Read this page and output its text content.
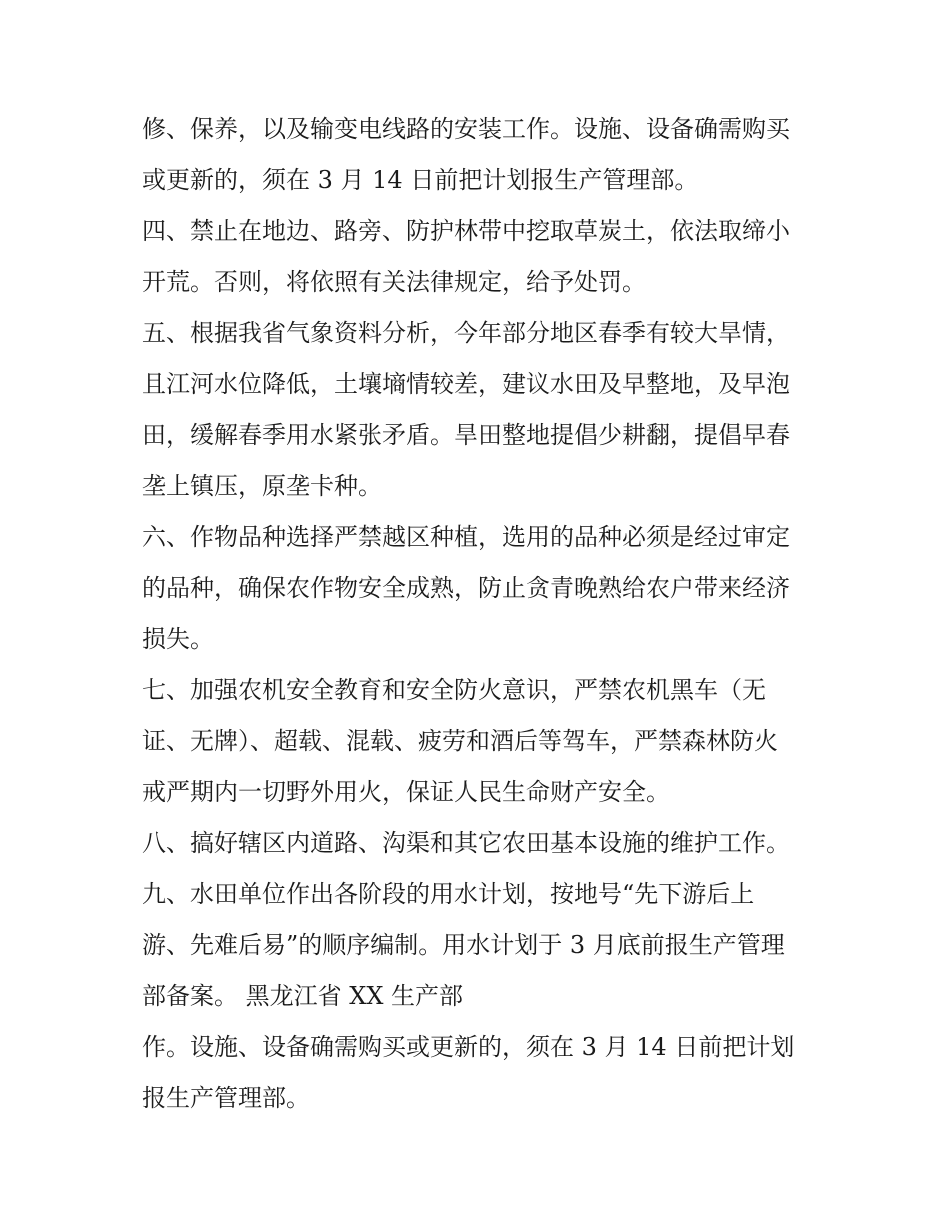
修、保养，以及输变电线路的安装工作。设施、设备确需购买
或更新的，须在 3 月 14 日前把计划报生产管理部。
四、禁止在地边、路旁、防护林带中挖取草炭土，依法取缔小
开荒。否则，将依照有关法律规定，给予处罚。
五、根据我省气象资料分析，今年部分地区春季有较大旱情，
且江河水位降低，土壤墒情较差，建议水田及早整地，及早泡
田，缓解春季用水紧张矛盾。旱田整地提倡少耕翻，提倡早春
垄上镇压，原垄卡种。
六、作物品种选择严禁越区种植，选用的品种必须是经过审定
的品种，确保农作物安全成熟，防止贪青晚熟给农户带来经济
损失。
七、加强农机安全教育和安全防火意识，严禁农机黑车（无
证、无牌）、超载、混载、疲劳和酒后等驾车，严禁森林防火
戒严期内一切野外用火，保证人民生命财产安全。
八、搞好辖区内道路、沟渠和其它农田基本设施的维护工作。
九、水田单位作出各阶段的用水计划，按地号“先下游后上
游、先难后易”的顺序编制。用水计划于 3 月底前报生产管理
部备案。 黑龙江省 XX 生产部
作。设施、设备确需购买或更新的，须在 3 月 14 日前把计划
报生产管理部。
